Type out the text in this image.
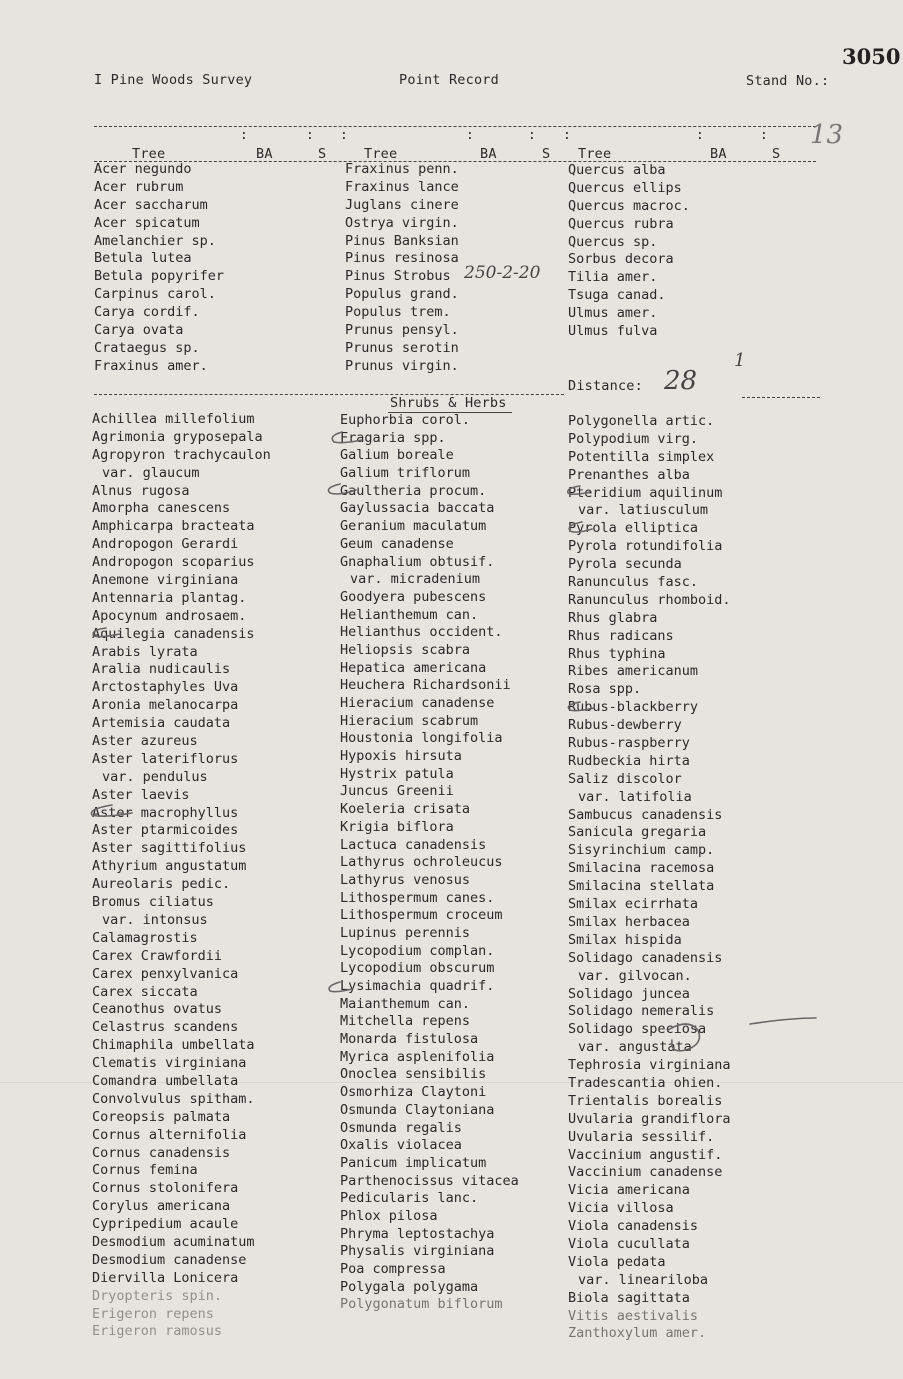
3050
I Pine Woods Survey	Point Record	Stand No.:
:	: :	:	: :	:	:
Tree	BA	S	Tree	BA	S Tree	BA	S
13
Acer negundo
Acer rubrum
Acer saccharum
Acer spicatum
Amelanchier sp.
Betula lutea
Betula popyrifer
Carpinus carol.
Carya cordif.
Carya ovata
Crataegus sp.
Fraxinus amer.
Fraxinus penn.
Fraxinus lance
Juglans cinere
Ostrya virgin.
Pinus Banksian
Pinus resinosa
Pinus Strobus
Populus grand.
Populus trem.
Prunus pensyl.
Prunus serotin
Prunus virgin.
Quercus alba
Quercus ellips
Quercus macroc.
Quercus rubra
Quercus sp.
Sorbus decora
Tilia amer.
Tsuga canad.
Ulmus amer.
Ulmus fulva
250-2-20
Distance: 28
1
Shrubs & Herbs
Achillea millefolium
Agrimonia gryposepala
Agropyron trachycaulon
var. glaucum
Alnus rugosa
Amorpha canescens
Amphicarpa bracteata
Andropogon Gerardi
Andropogon scoparius
Anemone virginiana
Antennaria plantag.
Apocynum androsaem.
Aquilegia canadensis
Arabis lyrata
Aralia nudicaulis
Arctostaphyles Uva
Aronia melanocarpa
Artemisia caudata
Aster azureus
Aster lateriflorus
var. pendulus
Aster laevis
Aster macrophyllus
Aster ptarmicoides
Aster sagittifolius
Athyrium angustatum
Aureolaris pedic.
Bromus ciliatus
var. intonsus
Calamagrostis
Carex Crawfordii
Carex penxylvanica
Carex siccata
Ceanothus ovatus
Celastrus scandens
Chimaphila umbellata
Clematis virginiana
Comandra umbellata
Convolvulus spitham.
Coreopsis palmata
Cornus alternifolia
Cornus canadensis
Cornus femina
Cornus stolonifera
Corylus americana
Cypripedium acaule
Desmodium acuminatum
Desmodium canadense
Diervilla Lonicera
Dryopteris spin.
Erigeron repens
Erigeron ramosus
Euphorbia corol.
Fragaria spp.
Galium boreale
Galium triflorum
Gaultheria procum.
Gaylussacia baccata
Geranium maculatum
Geum canadense
Gnaphalium obtusif.
var. micradenium
Goodyera pubescens
Helianthemum can.
Helianthus occident.
Heliopsis scabra
Hepatica americana
Heuchera Richardsonii
Hieracium canadense
Hieracium scabrum
Houstonia longifolia
Hypoxis hirsuta
Hystrix patula
Juncus Greenii
Koeleria crisata
Krigia biflora
Lactuca canadensis
Lathyrus ochroleucus
Lathyrus venosus
Lithospermum canes.
Lithospermum croceum
Lupinus perennis
Lycopodium complan.
Lycopodium obscurum
Lysimachia quadrif.
Maianthemum can.
Mitchella repens
Monarda fistulosa
Myrica asplenifolia
Onoclea sensibilis
Osmorhiza Claytoni
Osmunda Claytoniana
Osmunda regalis
Oxalis violacea
Panicum implicatum
Parthenocissus vitacea
Pedicularis lanc.
Phlox pilosa
Phryma leptostachya
Physalis virginiana
Poa compressa
Polygala polygama
Polygonatum biflorum
Polygonella artic.
Polypodium virg.
Potentilla simplex
Prenanthes alba
Pteridium aquilinum
var. latiusculum
Pyrola elliptica
Pyrola rotundifolia
Pyrola secunda
Ranunculus fasc.
Ranunculus rhomboid.
Rhus glabra
Rhus radicans
Rhus typhina
Ribes americanum
Rosa spp.
Rubus-blackberry
Rubus-dewberry
Rubus-raspberry
Rudbeckia hirta
Saliz discolor
var. latifolia
Sambucus canadensis
Sanicula gregaria
Sisyrinchium camp.
Smilacina racemosa
Smilacina stellata
Smilax ecirrhata
Smilax herbacea
Smilax hispida
Solidago canadensis
var. gilvocan.
Solidago juncea
Solidago nemeralis
Solidago speciosa
var. angustata
Tephrosia virginiana
Tradescantia ohien.
Trientalis borealis
Uvularia grandiflora
Uvularia sessilif.
Vaccinium angustif.
Vaccinium canadense
Vicia americana
Vicia villosa
Viola canadensis
Viola cucullata
Viola pedata
var. lineariloba
Biola sagittata
Vitis aestivalis
Zanthoxylum amer.
